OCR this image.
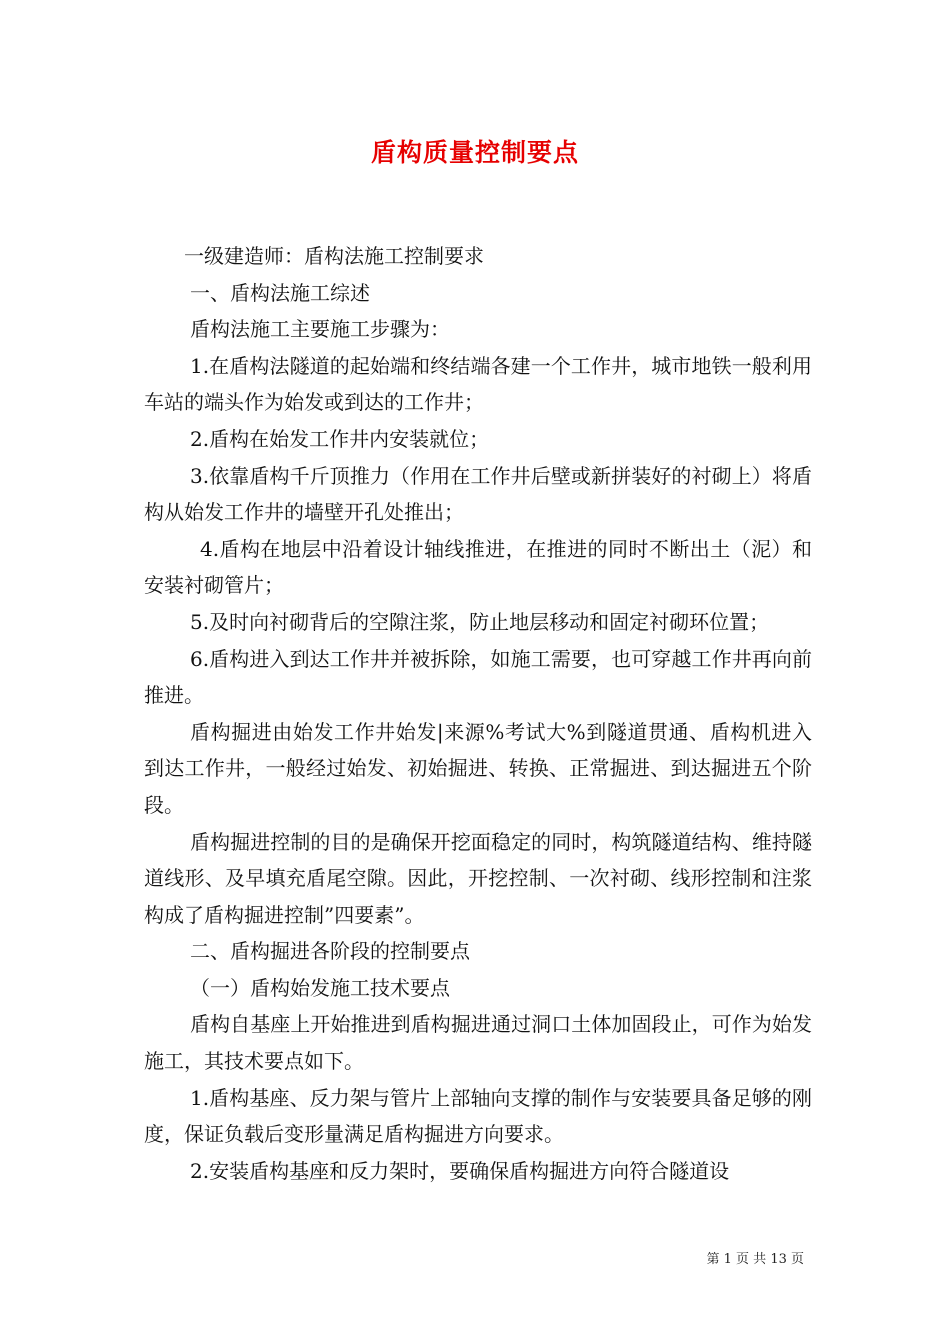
盾构质量控制要点

一级建造师：盾构法施工控制要求

一、盾构法施工综述

盾构法施工主要施工步骤为：

1.在盾构法隧道的起始端和终结端各建一个工作井，城市地铁一般利用车站的端头作为始发或到达的工作井；

2.盾构在始发工作井内安装就位；

3.依靠盾构千斤顶推力（作用在工作井后壁或新拼装好的衬砌上）将盾构从始发工作井的墙壁开孔处推出；

4.盾构在地层中沿着设计轴线推进，在推进的同时不断出土（泥）和安装衬砌管片；

5.及时向衬砌背后的空隙注浆，防止地层移动和固定衬砌环位置；

6.盾构进入到达工作井并被拆除，如施工需要，也可穿越工作井再向前推进。

盾构掘进由始发工作井始发|来源%考试大%到隧道贯通、盾构机进入到达工作井，一般经过始发、初始掘进、转换、正常掘进、到达掘进五个阶段。

盾构掘进控制的目的是确保开挖面稳定的同时，构筑隧道结构、维持隧道线形、及早填充盾尾空隙。因此，开挖控制、一次衬砌、线形控制和注浆构成了盾构掘进控制”四要素”。

二、盾构掘进各阶段的控制要点

（一）盾构始发施工技术要点

盾构自基座上开始推进到盾构掘进通过洞口土体加固段止，可作为始发施工，其技术要点如下。

1.盾构基座、反力架与管片上部轴向支撑的制作与安装要具备足够的刚度，保证负载后变形量满足盾构掘进方向要求。

2.安装盾构基座和反力架时，要确保盾构掘进方向符合隧道设

第 1 页 共 13 页
